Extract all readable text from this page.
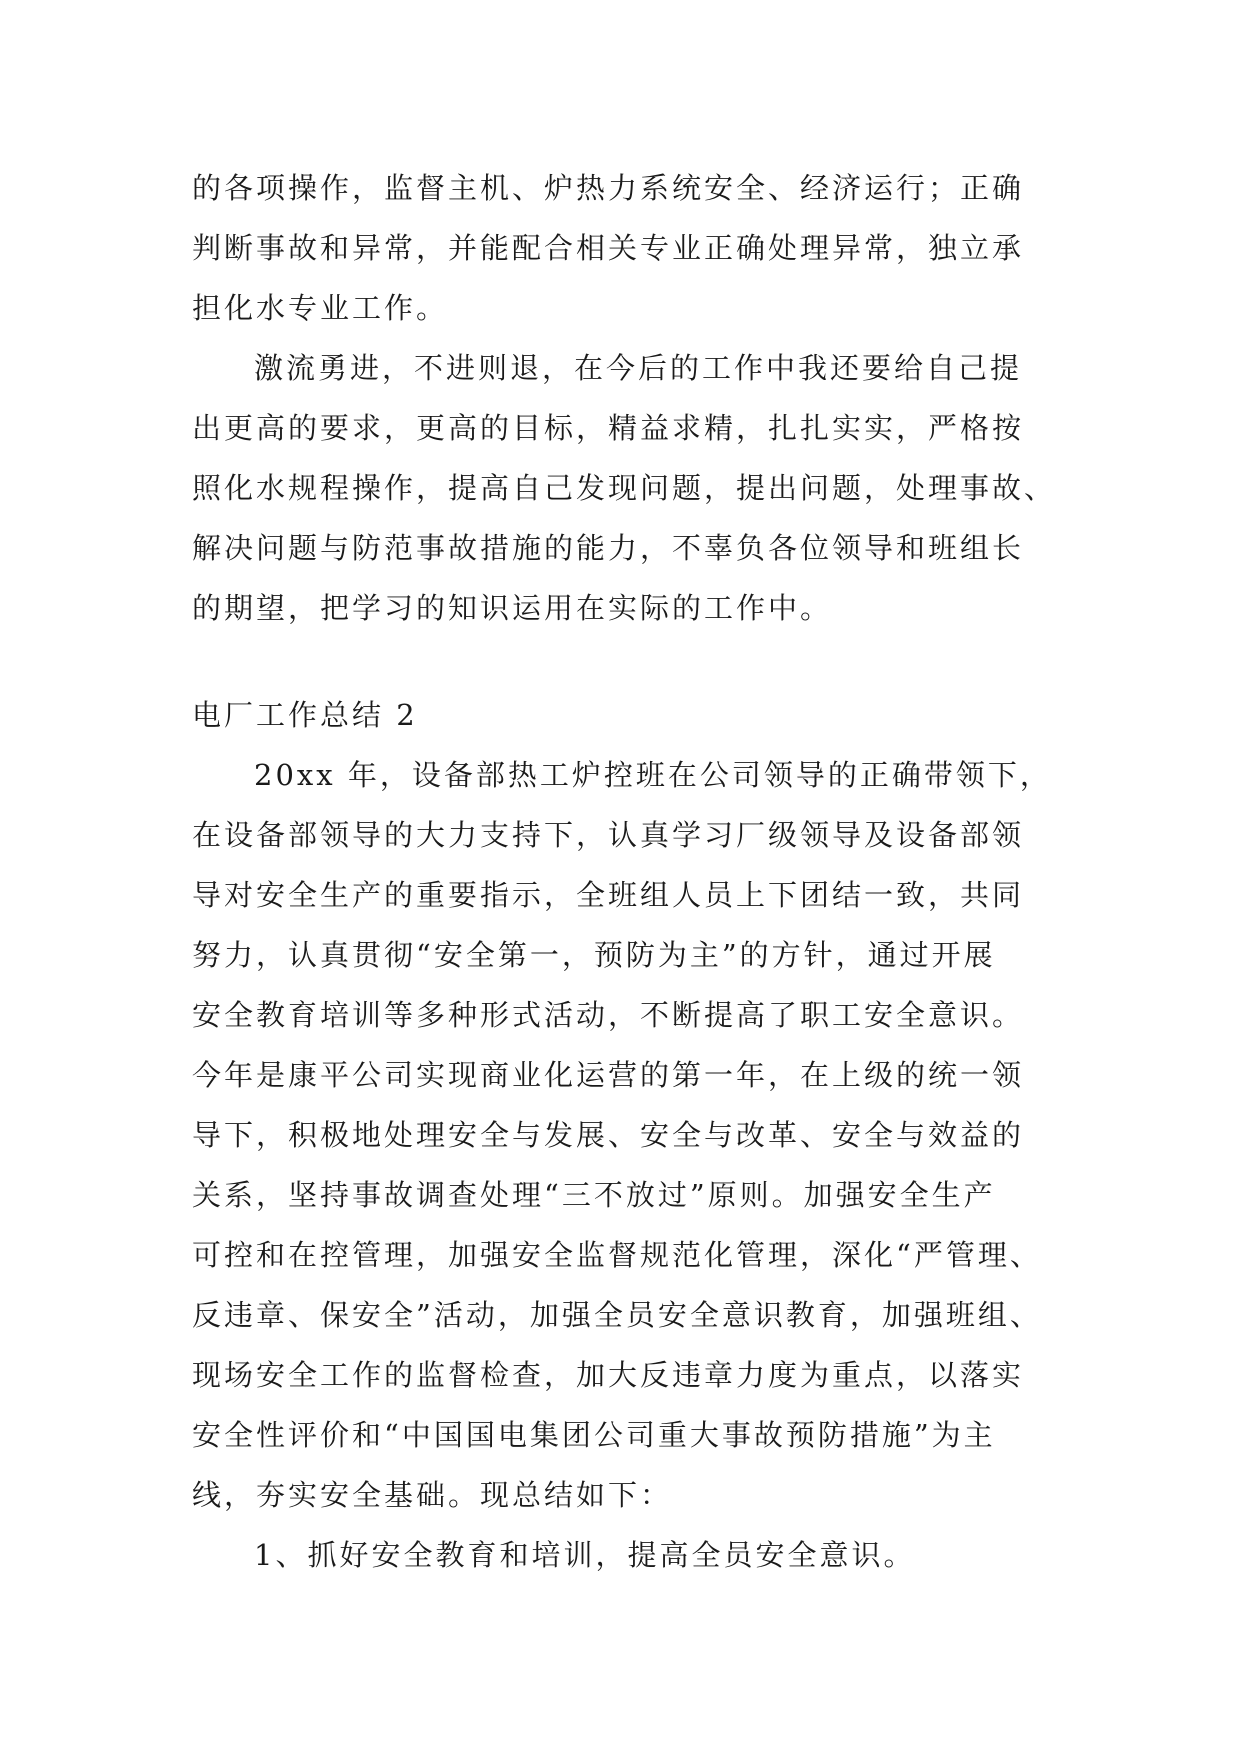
的各项操作，监督主机、炉热力系统安全、经济运行；正确
判断事故和异常，并能配合相关专业正确处理异常，独立承
担化水专业工作。
激流勇进，不进则退，在今后的工作中我还要给自己提
出更高的要求，更高的目标，精益求精，扎扎实实，严格按
照化水规程操作，提高自己发现问题，提出问题，处理事故、
解决问题与防范事故措施的能力，不辜负各位领导和班组长
的期望，把学习的知识运用在实际的工作中。
电厂工作总结 2
20xx 年，设备部热工炉控班在公司领导的正确带领下，
在设备部领导的大力支持下，认真学习厂级领导及设备部领
导对安全生产的重要指示，全班组人员上下团结一致，共同
努力，认真贯彻“安全第一，预防为主”的方针，通过开展
安全教育培训等多种形式活动，不断提高了职工安全意识。
今年是康平公司实现商业化运营的第一年，在上级的统一领
导下，积极地处理安全与发展、安全与改革、安全与效益的
关系，坚持事故调查处理“三不放过”原则。加强安全生产
可控和在控管理，加强安全监督规范化管理，深化“严管理、
反违章、保安全”活动，加强全员安全意识教育，加强班组、
现场安全工作的监督检查，加大反违章力度为重点，以落实
安全性评价和“中国国电集团公司重大事故预防措施”为主
线，夯实安全基础。现总结如下：
1、抓好安全教育和培训，提高全员安全意识。
